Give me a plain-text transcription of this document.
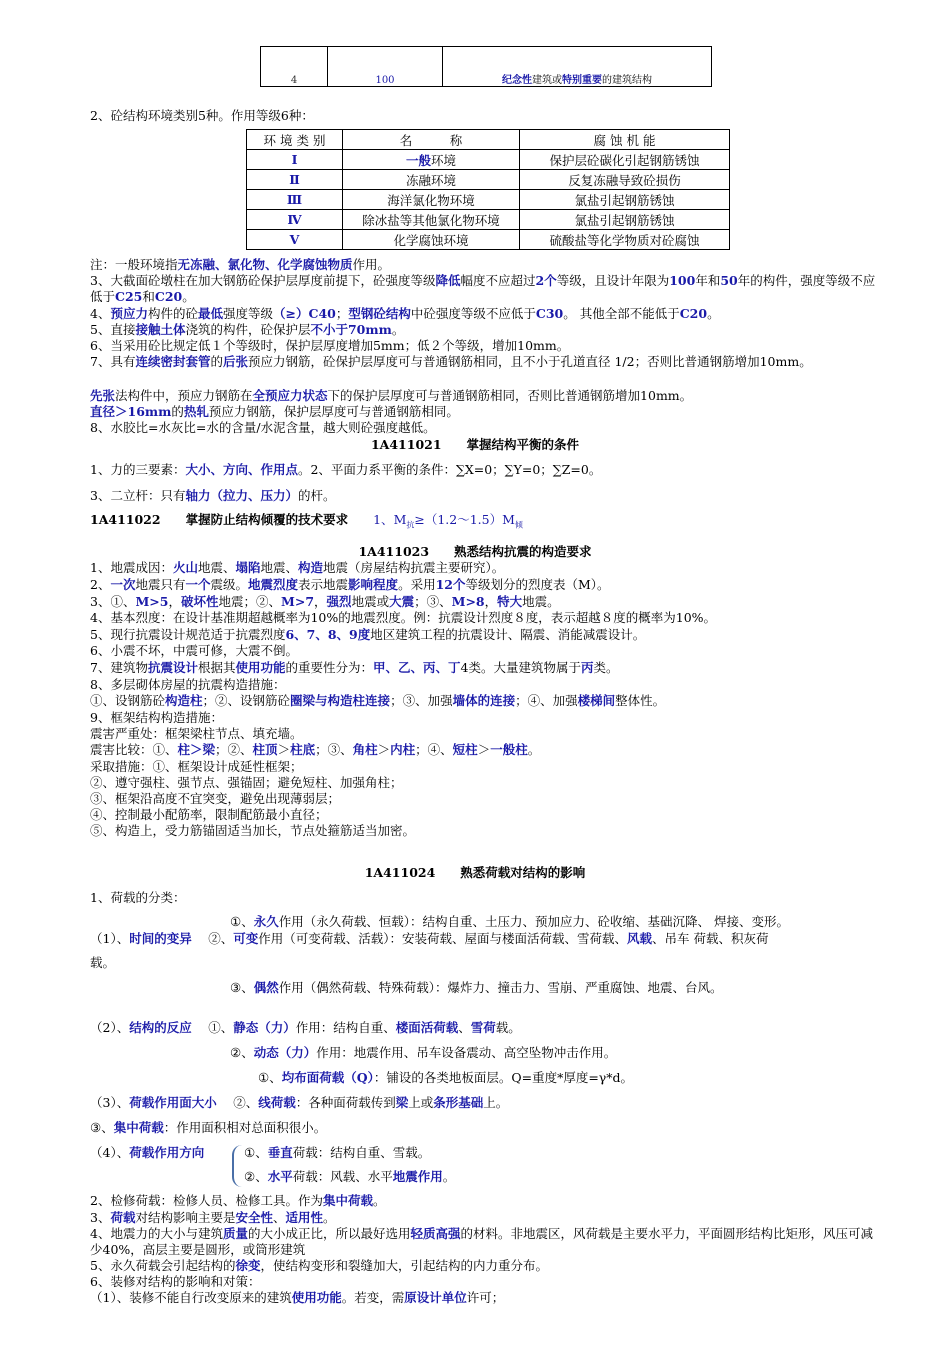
4	100	纪念性建筑或特别重要的建筑结构
2、砼结构环境类别5种。作用等级6种：
环 境 类 别	名　　　称	腐 蚀 机 能
Ⅰ	一般环境	保护层砼碳化引起钢筋锈蚀
Ⅱ	冻融环境	反复冻融导致砼损伤
Ⅲ	海洋氯化物环境	氯盐引起钢筋锈蚀
Ⅳ	除冰盐等其他氯化物环境	氯盐引起钢筋锈蚀
Ⅴ	化学腐蚀环境	硫酸盐等化学物质对砼腐蚀
注：一般环境指无冻融、氯化物、化学腐蚀物质作用。
3、大截面砼墩柱在加大钢筋砼保护层厚度前提下，砼强度等级降低幅度不应超过2个等级，且设计年限为100年和50年的构件，强度等级不应低于C25和C20。
4、预应力构件的砼最低强度等级（≥）C40；型钢砼结构中砼强度等级不应低于C30。 其他全部不能低于C20。
5、直接接触土体浇筑的构件，砼保护层不小于70mm。
6、当采用砼比规定低１个等级时，保护层厚度增加5mm；低２个等级，增加10mm。
7、具有连续密封套管的后张预应力钢筋，砼保护层厚度可与普通钢筋相同，且不小于孔道直径 1/2；否则比普通钢筋增加10mm。
先张法构件中，预应力钢筋在全预应力状态下的保护层厚度可与普通钢筋相同，否则比普通钢筋增加10mm。
直径＞16mm的热轧预应力钢筋，保护层厚度可与普通钢筋相同。
8、水胶比=水灰比=水的含量/水泥含量，越大则砼强度越低。
1A411021　　掌握结构平衡的条件
1、力的三要素：大小、方向、作用点。2、平面力系平衡的条件：∑X=0；∑Y=0；∑Z=0。
3、二立杆：只有轴力（拉力、压力）的杆。
1A411022　　掌握防止结构倾覆的技术要求　　 1、$M_抗\ge(1.2\sim 1.5)M_倾$
1A411023　　熟悉结构抗震的构造要求
1、地震成因：火山地震、塌陷地震、构造地震（房屋结构抗震主要研究）。
2、一次地震只有一个震级。地震烈度表示地震影响程度。采用12个等级划分的烈度表（M）。
3、①、M>5，破坏性地震；②、M>7，强烈地震或大震；③、M>8，特大地震。
4、基本烈度：在设计基准期超越概率为10%的地震烈度。例：抗震设计烈度８度，表示超越８度的概率为10%。
5、现行抗震设计规范适于抗震烈度6、7、8、9度地区建筑工程的抗震设计、隔震、消能减震设计。
6、小震不坏，中震可修，大震不倒。
7、建筑物抗震设计根据其使用功能的重要性分为：甲、乙、丙、丁4类。大量建筑物属于丙类。
8、多层砌体房屋的抗震构造措施：
①、设钢筋砼构造柱；②、设钢筋砼圈梁与构造柱连接；③、加强墙体的连接；④、加强楼梯间整体性。
9、框架结构构造措施：
震害严重处：框架梁柱节点、填充墙。
震害比较：①、柱＞梁；②、柱顶＞柱底；③、角柱＞内柱；④、短柱＞一般柱。
采取措施：①、框架设计成延性框架；
②、遵守强柱、强节点、强锚固；避免短柱、加强角柱；
③、框架沿高度不宜突变，避免出现薄弱层；
④、控制最小配筋率，限制配筋最小直径；
⑤、构造上，受力筋锚固适当加长，节点处箍筋适当加密。
1A411024　　熟悉荷载对结构的影响
1、荷载的分类：
①、永久作用（永久荷载、恒载）：结构自重、土压力、预加应力、砼收缩、基础沉降、 焊接、变形。
（1）、时间的变异　 ②、可变作用（可变荷载、活载）：安装荷载、屋面与楼面活荷载、雪荷载、风载、吊车 荷载、积灰荷
载。
③、偶然作用（偶然荷载、特殊荷载）：爆炸力、撞击力、雪崩、严重腐蚀、地震、台风。
（2）、结构的反应　 ①、静态（力）作用：结构自重、楼面活荷载、雪荷载。
②、动态（力）作用：地震作用、吊车设备震动、高空坠物冲击作用。
①、均布面荷载（Q）：铺设的各类地板面层。Q=重度*厚度=γ*d。
（3）、荷载作用面大小　 ②、线荷载：各种面荷载传到梁上或条形基础上。
③、集中荷载：作用面积相对总面积很小。
（4）、荷载作用方向	①、垂直荷载：结构自重、雪载。
②、水平荷载：风载、水平地震作用。
2、检修荷载：检修人员、检修工具。作为集中荷载。
3、荷载对结构影响主要是安全性、适用性。
4、地震力的大小与建筑质量的大小成正比，所以最好选用轻质高强的材料。非地震区，风荷载是主要水平力，平面圆形结构比矩形，风压可减少40%，高层主要是圆形，或筒形建筑
5、永久荷载会引起结构的徐变，使结构变形和裂缝加大，引起结构的内力重分布。
6、装修对结构的影响和对策：
（1）、装修不能自行改变原来的建筑使用功能。若变，需原设计单位许可；
